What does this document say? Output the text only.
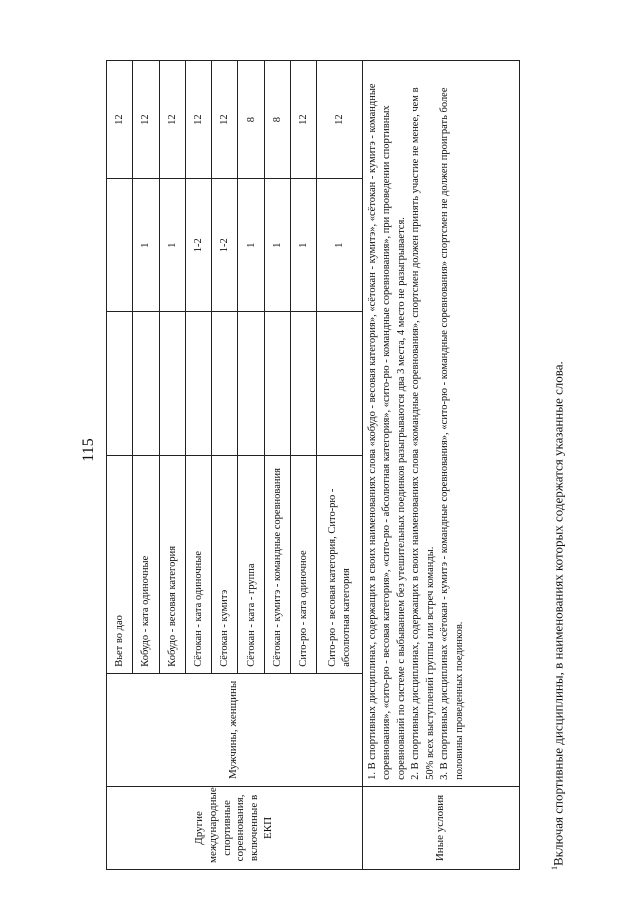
115
Другие международные спортивные соревнования, включенные в ЕКП	Мужчины, женщины	Вьет во дао			12
		Кобудо - ката одиночные		1	12
		Кобудо - весовая категория		1	12
		Сётокан - ката одиночные		1-2	12
		Сётокан - кумитэ		1-2	12
		Сётокан - ката - группа		1	8
		Сётокан - кумитэ - командные соревнования		1	8
		Сито-рю - ката одиночное		1	12
		Сито-рю - весовая категория, Сито-рю - абсолютная категория		1	12
Иные условия	1. В спортивных дисциплинах, содержащих в своих наименованиях слова «кобудо - весовая категория», «сётокан - кумитэ», «сётокан - кумитэ - командные соревнования», «сито-рю - весовая категория», «сито-рю - абсолютная категория», «сито-рю - командные соревнования», при проведении спортивных соревнований по системе с выбыванием без утешительных поединков разыгрываются два 3 места, 4 место не разыгрывается. 2. В спортивных дисциплинах, содержащих в своих наименованиях слова «командные соревнования», спортсмен должен принять участие не менее, чем в 50% всех выступлений группы или встреч команды. 3. В спортивных дисциплинах «сётокан - кумитэ - командные соревнования», «сито-рю - командные соревнования» спортсмен не должен проиграть более половины проведенных поединков.				
$^1$Включая спортивные дисциплины, в наименованиях которых содержатся указанные слова.
